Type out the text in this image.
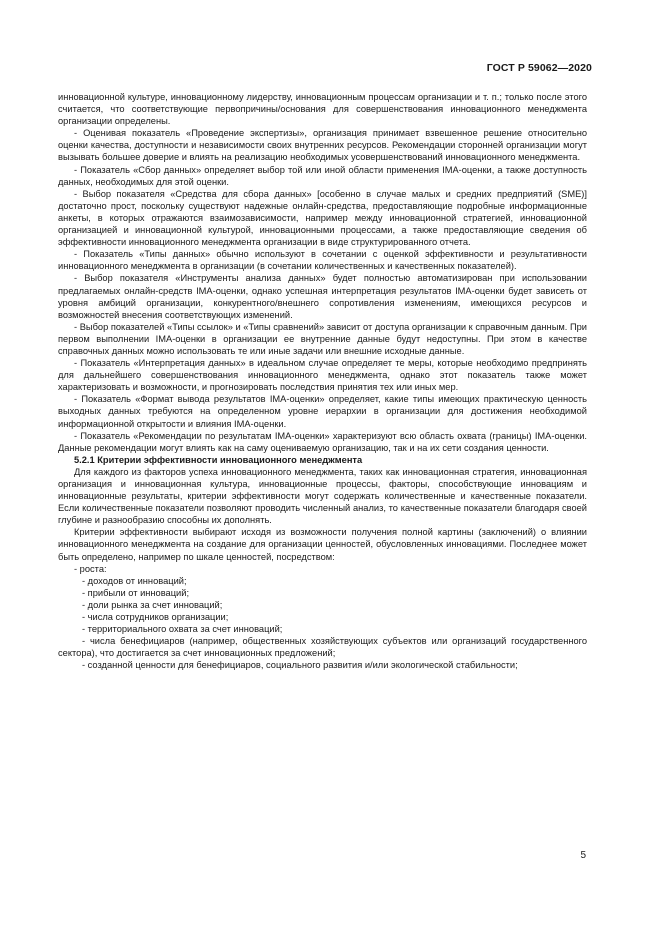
ГОСТ Р 59062—2020

инновационной культуре, инновационному лидерству, инновационным процессам организации и т. п.; только после этого считается, что соответствующие первопричины/основания для совершенствования инновационного менеджмента организации определены.

- Оценивая показатель «Проведение экспертизы», организация принимает взвешенное решение относительно оценки качества, доступности и независимости своих внутренних ресурсов. Рекомендации сторонней организации могут вызывать большее доверие и влиять на реализацию необходимых усовершенствований инновационного менеджмента.

- Показатель «Сбор данных» определяет выбор той или иной области применения IMA-оценки, а также доступность данных, необходимых для этой оценки.

- Выбор показателя «Средства для сбора данных» [особенно в случае малых и средних предприятий (SME)] достаточно прост, поскольку существуют надежные онлайн-средства, предоставляющие подробные информационные анкеты, в которых отражаются взаимозависимости, например между инновационной стратегией, инновационной организацией и инновационной культурой, инновационными процессами, а также предоставляющие сведения об эффективности инновационного менеджмента организации в виде структурированного отчета.

- Показатель «Типы данных» обычно используют в сочетании с оценкой эффективности и результативности инновационного менеджмента в организации (в сочетании количественных и качественных показателей).

- Выбор показателя «Инструменты анализа данных» будет полностью автоматизирован при использовании предлагаемых онлайн-средств IMA-оценки, однако успешная интерпретация результатов IMA-оценки будет зависеть от уровня амбиций организации, конкурентного/внешнего сопротивления изменениям, имеющихся ресурсов и возможностей внесения соответствующих изменений.

- Выбор показателей «Типы ссылок» и «Типы сравнений» зависит от доступа организации к справочным данным. При первом выполнении IMA-оценки в организации ее внутренние данные будут недоступны. При этом в качестве справочных данных можно использовать те или иные задачи или внешние исходные данные.

- Показатель «Интерпретация данных» в идеальном случае определяет те меры, которые необходимо предпринять для дальнейшего совершенствования инновационного менеджмента, однако этот показатель также может характеризовать и возможности, и прогнозировать последствия принятия тех или иных мер.

- Показатель «Формат вывода результатов IMA-оценки» определяет, какие типы имеющих практическую ценность выходных данных требуются на определенном уровне иерархии в организации для достижения необходимой информационной открытости и влияния IMA-оценки.

- Показатель «Рекомендации по результатам IMA-оценки» характеризуют всю область охвата (границы) IMA-оценки. Данные рекомендации могут влиять как на саму оцениваемую организацию, так и на их сети создания ценности.

5.2.1 Критерии эффективности инновационного менеджмента

Для каждого из факторов успеха инновационного менеджмента, таких как инновационная стратегия, инновационная организация и инновационная культура, инновационные процессы, факторы, способствующие инновациям и инновационные результаты, критерии эффективности могут содержать количественные и качественные показатели. Если количественные показатели позволяют проводить численный анализ, то качественные показатели благодаря своей глубине и разнообразию способны их дополнять.

Критерии эффективности выбирают исходя из возможности получения полной картины (заключений) о влиянии инновационного менеджмента на создание для организации ценностей, обусловленных инновациями. Последнее может быть определено, например по шкале ценностей, посредством:

- роста:

- доходов от инноваций;

- прибыли от инноваций;

- доли рынка за счет инноваций;

- числа сотрудников организации;

- территориального охвата за счет инноваций;

- числа бенефициаров (например, общественных хозяйствующих субъектов или организаций государственного сектора), что достигается за счет инновационных предложений;

- созданной ценности для бенефициаров, социального развития и/или экологической стабильности;

5
